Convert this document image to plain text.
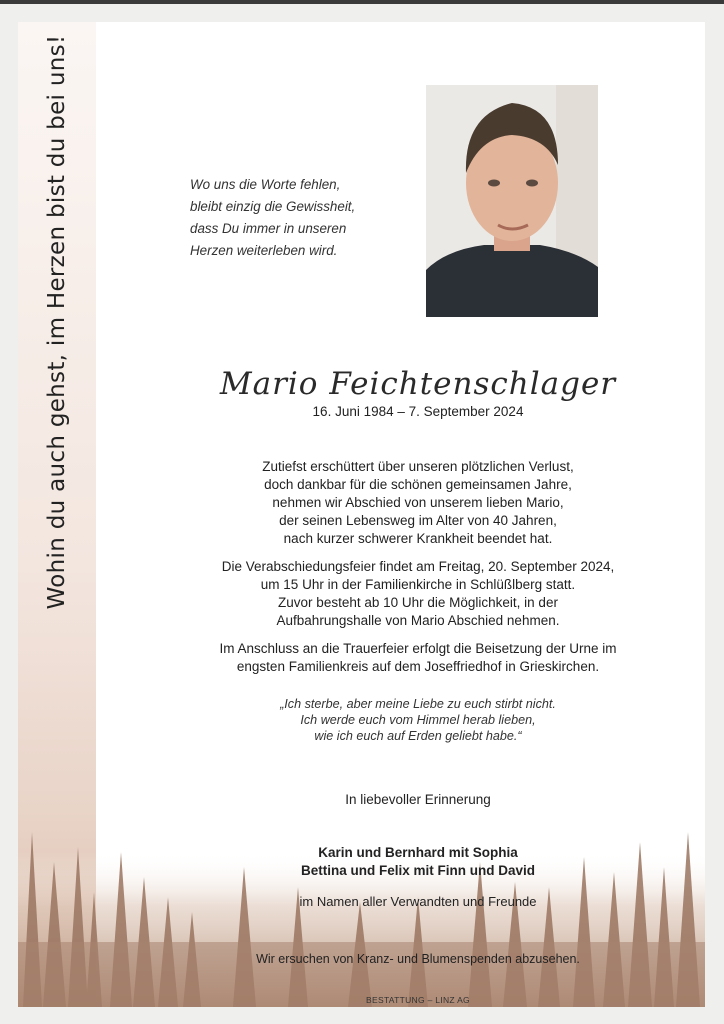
Wohin du auch gehst, im Herzen bist du bei uns!	Wo uns die Worte fehlen,
bleibt einzig die Gewissheit,
dass Du immer in unseren
Herzen weiterleben wird.
Mario Feichtenschlager
16. Juni 1984 – 7. September 2024
Zutiefst erschüttert über unseren plötzlichen Verlust,
doch dankbar für die schönen gemeinsamen Jahre,
nehmen wir Abschied von unserem lieben Mario,
der seinen Lebensweg im Alter von 40 Jahren,
nach kurzer schwerer Krankheit beendet hat.
Die Verabschiedungsfeier findet am Freitag, 20. September 2024,
um 15 Uhr in der Familienkirche in Schlüßlberg statt.
Zuvor besteht ab 10 Uhr die Möglichkeit, in der
Aufbahrungshalle von Mario Abschied nehmen.
Im Anschluss an die Trauerfeier erfolgt die Beisetzung der Urne im
engsten Familienkreis auf dem Joseffriedhof in Grieskirchen.
„Ich sterbe, aber meine Liebe zu euch stirbt nicht.
Ich werde euch vom Himmel herab lieben,
wie ich euch auf Erden geliebt habe.“
In liebevoller Erinnerung
Karin und Bernhard mit Sophia
Bettina und Felix mit Finn und David
im Namen aller Verwandten und Freunde
Wir ersuchen von Kranz- und Blumenspenden abzusehen.
BESTATTUNG – LINZ AG
